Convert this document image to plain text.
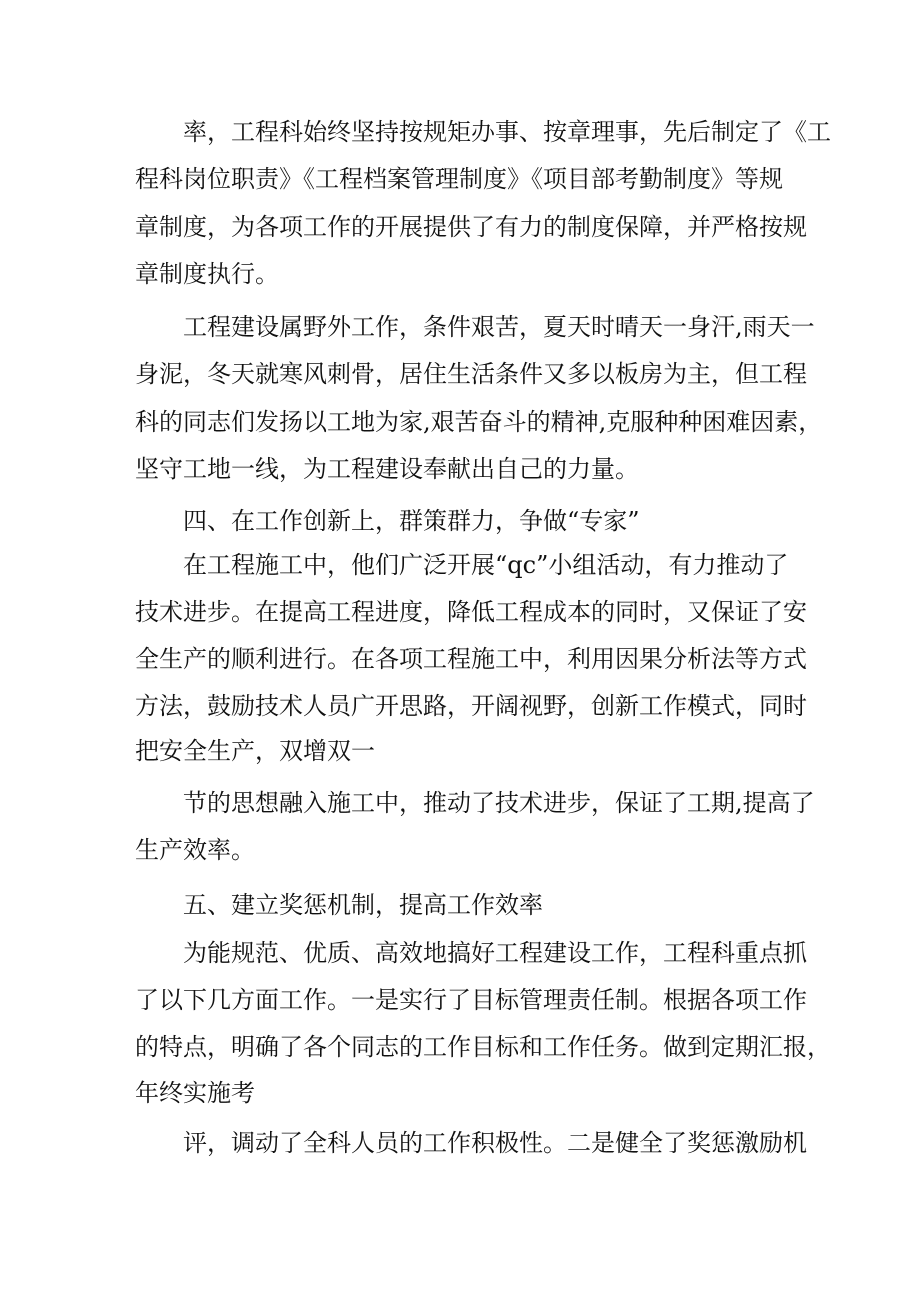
率，工程科始终坚持按规矩办事、按章理事，先后制定了《工
程科岗位职责》《工程档案管理制度》《项目部考勤制度》等规
章制度，为各项工作的开展提供了有力的制度保障，并严格按规
章制度执行。
工程建设属野外工作，条件艰苦，夏天时晴天一身汗,雨天一
身泥，冬天就寒风刺骨，居住生活条件又多以板房为主，但工程
科的同志们发扬以工地为家,艰苦奋斗的精神,克服种种困难因素，
坚守工地一线，为工程建设奉献出自己的力量。
四、在工作创新上，群策群力，争做“专家”
在工程施工中，他们广泛开展“qc”小组活动，有力推动了
技术进步。在提高工程进度，降低工程成本的同时，又保证了安
全生产的顺利进行。在各项工程施工中，利用因果分析法等方式
方法，鼓励技术人员广开思路，开阔视野，创新工作模式，同时
把安全生产，双增双一
节的思想融入施工中，推动了技术进步，保证了工期,提高了
生产效率。
五、建立奖惩机制，提高工作效率
为能规范、优质、高效地搞好工程建设工作，工程科重点抓
了以下几方面工作。一是实行了目标管理责任制。根据各项工作
的特点，明确了各个同志的工作目标和工作任务。做到定期汇报，
年终实施考
评，调动了全科人员的工作积极性。二是健全了奖惩激励机
